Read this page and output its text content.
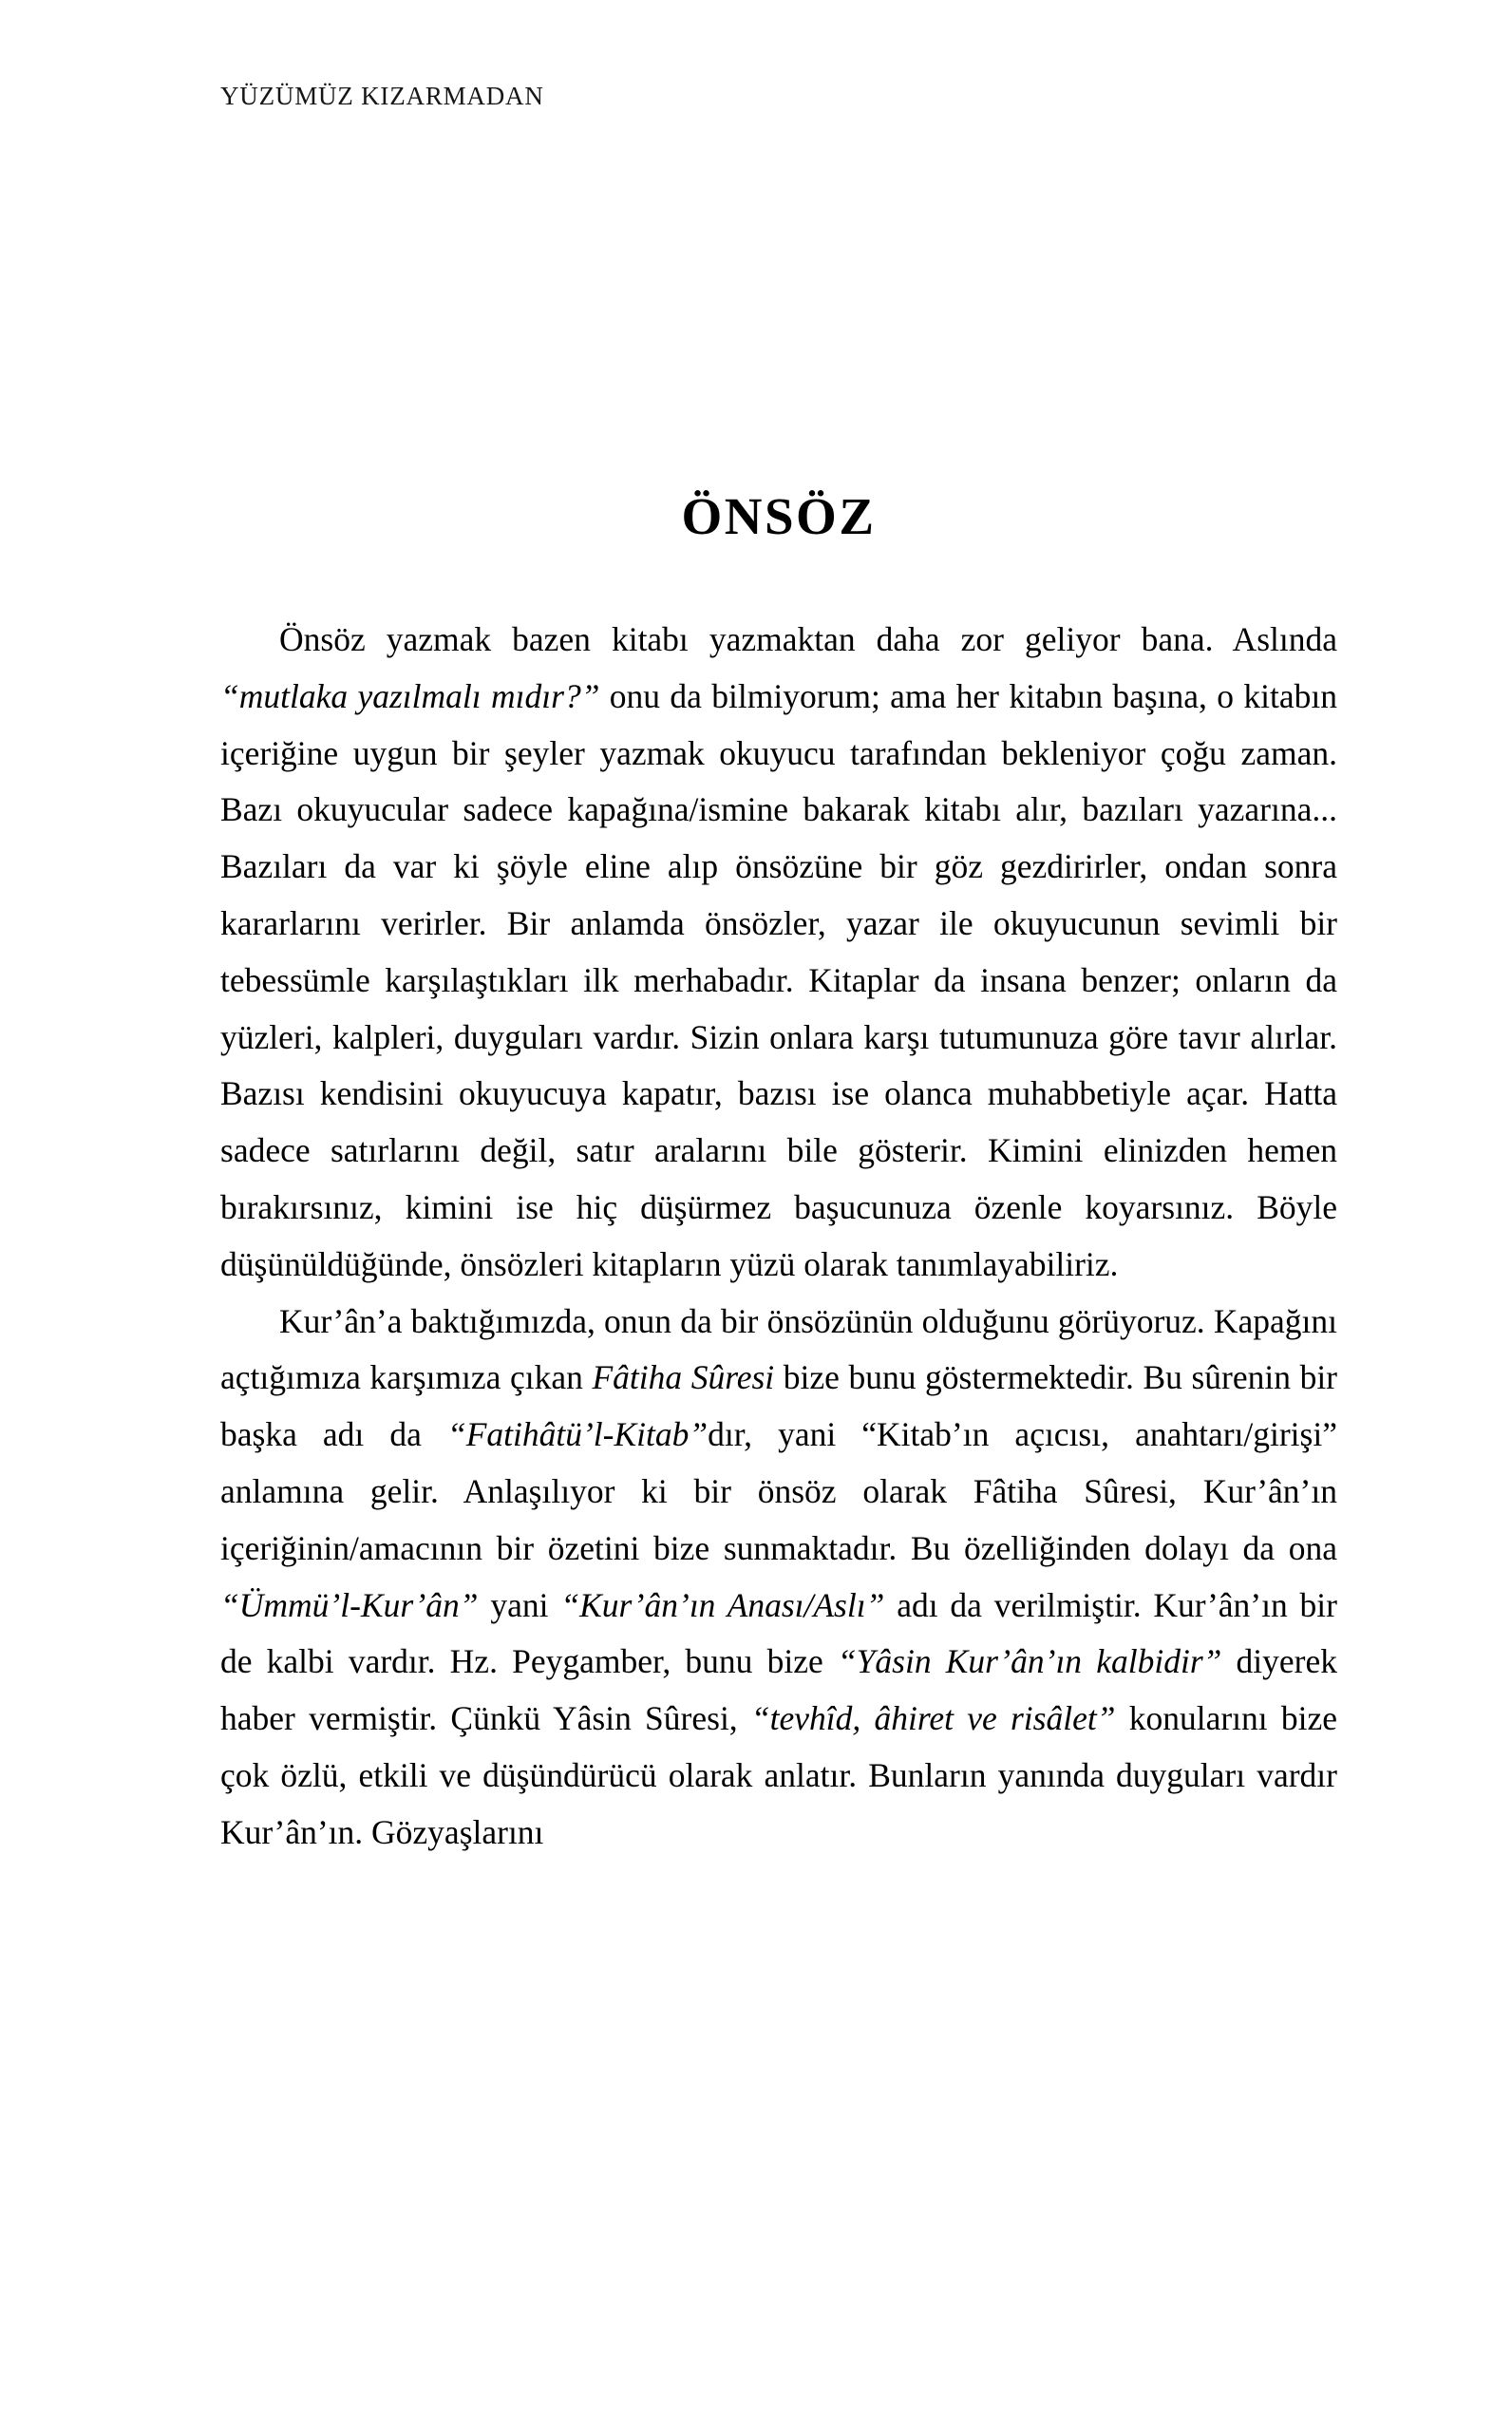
YÜZÜMÜZ KIZARMADAN
ÖNSÖZ

Önsöz yazmak bazen kitabı yazmaktan daha zor geliyor bana. Aslında “mutlaka yazılmalı mıdır?” onu da bilmiyorum; ama her kitabın başına, o kitabın içeriğine uygun bir şeyler yazmak okuyucu tarafından bekleniyor çoğu zaman. Bazı okuyucular sadece kapağına/ismine bakarak kitabı alır, bazıları yazarına... Bazıları da var ki şöyle eline alıp önsözüne bir göz gezdirirler, ondan sonra kararlarını verirler. Bir anlamda önsözler, yazar ile okuyucunun sevimli bir tebessümle karşılaştıkları ilk merhabadır. Kitaplar da insana benzer; onların da yüzleri, kalpleri, duyguları vardır. Sizin onlara karşı tutumunuza göre tavır alırlar. Bazısı kendisini okuyucuya kapatır, bazısı ise olanca muhabbetiyle açar. Hatta sadece satırlarını değil, satır aralarını bile gösterir. Kimini elinizden hemen bırakırsınız, kimini ise hiç düşürmez başucunuza özenle koyarsınız. Böyle düşünüldüğünde, önsözleri kitapların yüzü olarak tanımlayabiliriz.

Kur’ân’a baktığımızda, onun da bir önsözünün olduğunu görüyoruz. Kapağını açtığımıza karşımıza çıkan Fâtiha Sûresi bize bunu göstermektedir. Bu sûrenin bir başka adı da “Fatihâtü’l-Kitab”dır, yani “Kitab’ın açıcısı, anahtarı/girişi” anlamına gelir. Anlaşılıyor ki bir önsöz olarak Fâtiha Sûresi, Kur’ân’ın içeriğinin/amacının bir özetini bize sunmaktadır. Bu özelliğinden dolayı da ona “Ümmü’l-Kur’ân” yani “Kur’ân’ın Anası/Aslı” adı da verilmiştir. Kur’ân’ın bir de kalbi vardır. Hz. Peygamber, bunu bize “Yâsin Kur’ân’ın kalbidir” diyerek haber vermiştir. Çünkü Yâsin Sûresi, “tevhîd, âhiret ve risâlet” konularını bize çok özlü, etkili ve düşündürücü olarak anlatır. Bunların yanında duyguları vardır Kur’ân’ın. Gözyaşlarını
